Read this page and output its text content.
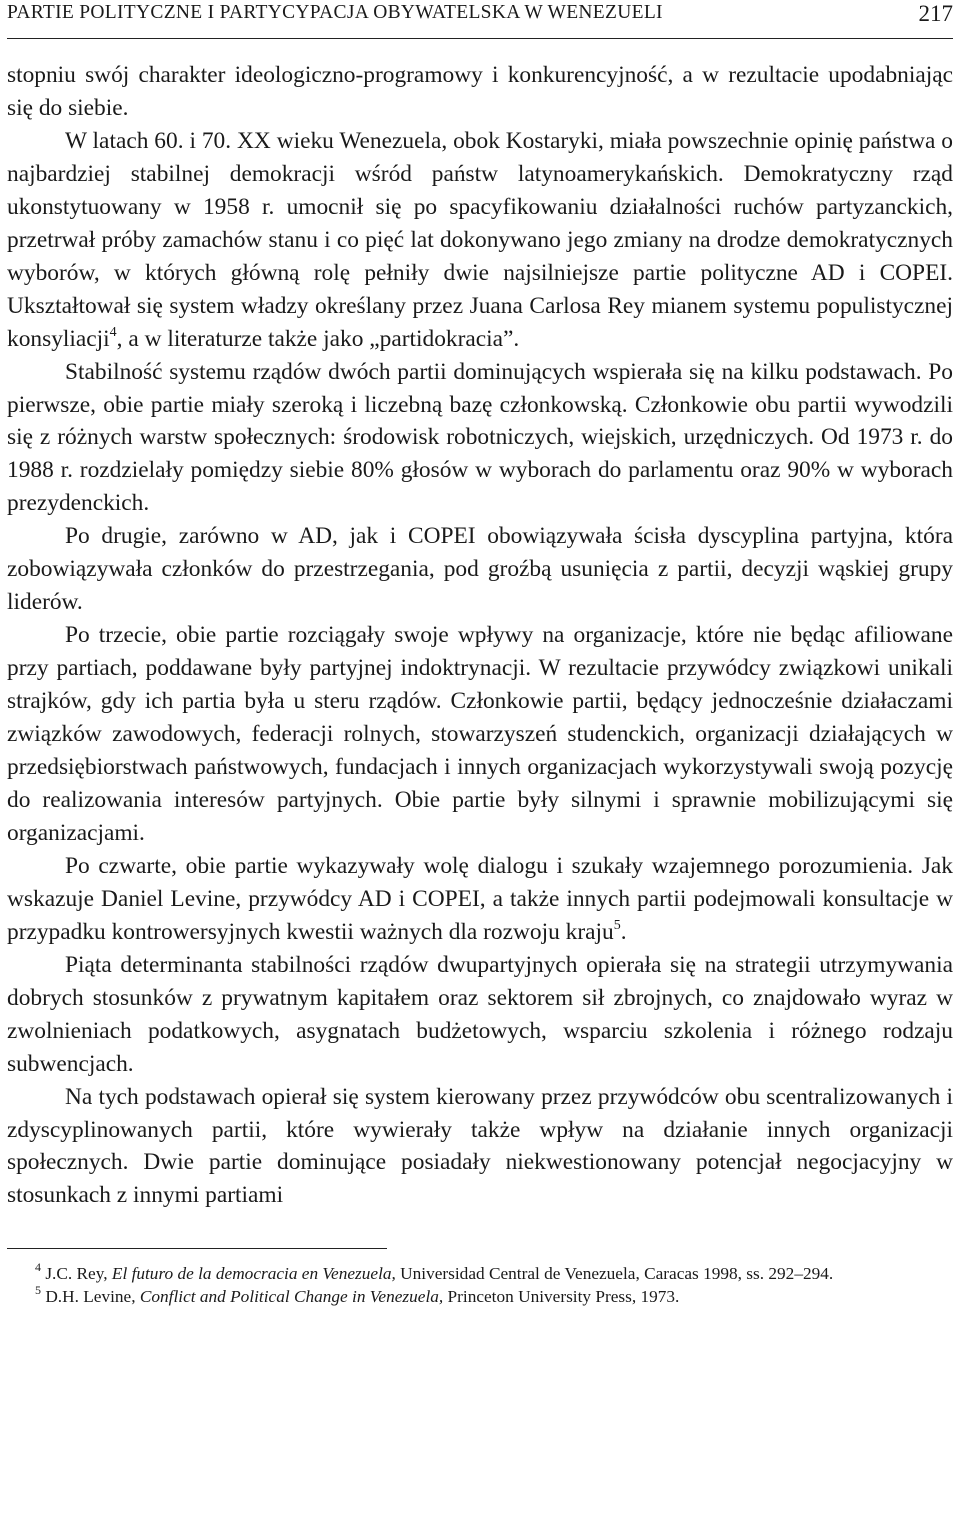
PARTIE POLITYCZNE I PARTYCYPACJA OBYWATELSKA W WENEZUELI	217

stopniu swój charakter ideologiczno-programowy i konkurencyjność, a w rezultacie upodabniając się do siebie.

W latach 60. i 70. XX wieku Wenezuela, obok Kostaryki, miała powszechnie opinię państwa o najbardziej stabilnej demokracji wśród państw latynoamerykańskich. Demokratyczny rząd ukonstytuowany w 1958 r. umocnił się po spacyfikowaniu działalności ruchów partyzanckich, przetrwał próby zamachów stanu i co pięć lat dokonywano jego zmiany na drodze demokratycznych wyborów, w których główną rolę pełniły dwie najsilniejsze partie polityczne AD i COPEI. Ukształtował się system władzy określany przez Juana Carlosa Rey mianem systemu populistycznej konsyliacji$^4$, a w literaturze także jako „partidokracia”.

Stabilność systemu rządów dwóch partii dominujących wspierała się na kilku podstawach. Po pierwsze, obie partie miały szeroką i liczebną bazę członkowską. Członkowie obu partii wywodzili się z różnych warstw społecznych: środowisk robotniczych, wiejskich, urzędniczych. Od 1973 r. do 1988 r. rozdzielały pomiędzy siebie 80% głosów w wyborach do parlamentu oraz 90% w wyborach prezydenckich.

Po drugie, zarówno w AD, jak i COPEI obowiązywała ścisła dyscyplina partyjna, która zobowiązywała członków do przestrzegania, pod groźbą usunięcia z partii, decyzji wąskiej grupy liderów.

Po trzecie, obie partie rozciągały swoje wpływy na organizacje, które nie będąc afiliowane przy partiach, poddawane były partyjnej indoktrynacji. W rezultacie przywódcy związkowi unikali strajków, gdy ich partia była u steru rządów. Członkowie partii, będący jednocześnie działaczami związków zawodowych, federacji rolnych, stowarzyszeń studenckich, organizacji działających w przedsiębiorstwach państwowych, fundacjach i innych organizacjach wykorzystywali swoją pozycję do realizowania interesów partyjnych. Obie partie były silnymi i sprawnie mobilizującymi się organizacjami.

Po czwarte, obie partie wykazywały wolę dialogu i szukały wzajemnego porozumienia. Jak wskazuje Daniel Levine, przywódcy AD i COPEI, a także innych partii podejmowali konsultacje w przypadku kontrowersyjnych kwestii ważnych dla rozwoju kraju$^5$.

Piąta determinanta stabilności rządów dwupartyjnych opierała się na strategii utrzymywania dobrych stosunków z prywatnym kapitałem oraz sektorem sił zbrojnych, co znajdowało wyraz w zwolnieniach podatkowych, asygnatach budżetowych, wsparciu szkolenia i różnego rodzaju subwencjach.

Na tych podstawach opierał się system kierowany przez przywódców obu scentralizowanych i zdyscyplinowanych partii, które wywierały także wpływ na działanie innych organizacji społecznych. Dwie partie dominujące posiadały niekwestionowany potencjał negocjacyjny w stosunkach z innymi partiami

$^4$ J.C. Rey, El futuro de la democracia en Venezuela, Universidad Central de Venezuela, Caracas 1998, ss. 292–294.

$^5$ D.H. Levine, Conflict and Political Change in Venezuela, Princeton University Press, 1973.
